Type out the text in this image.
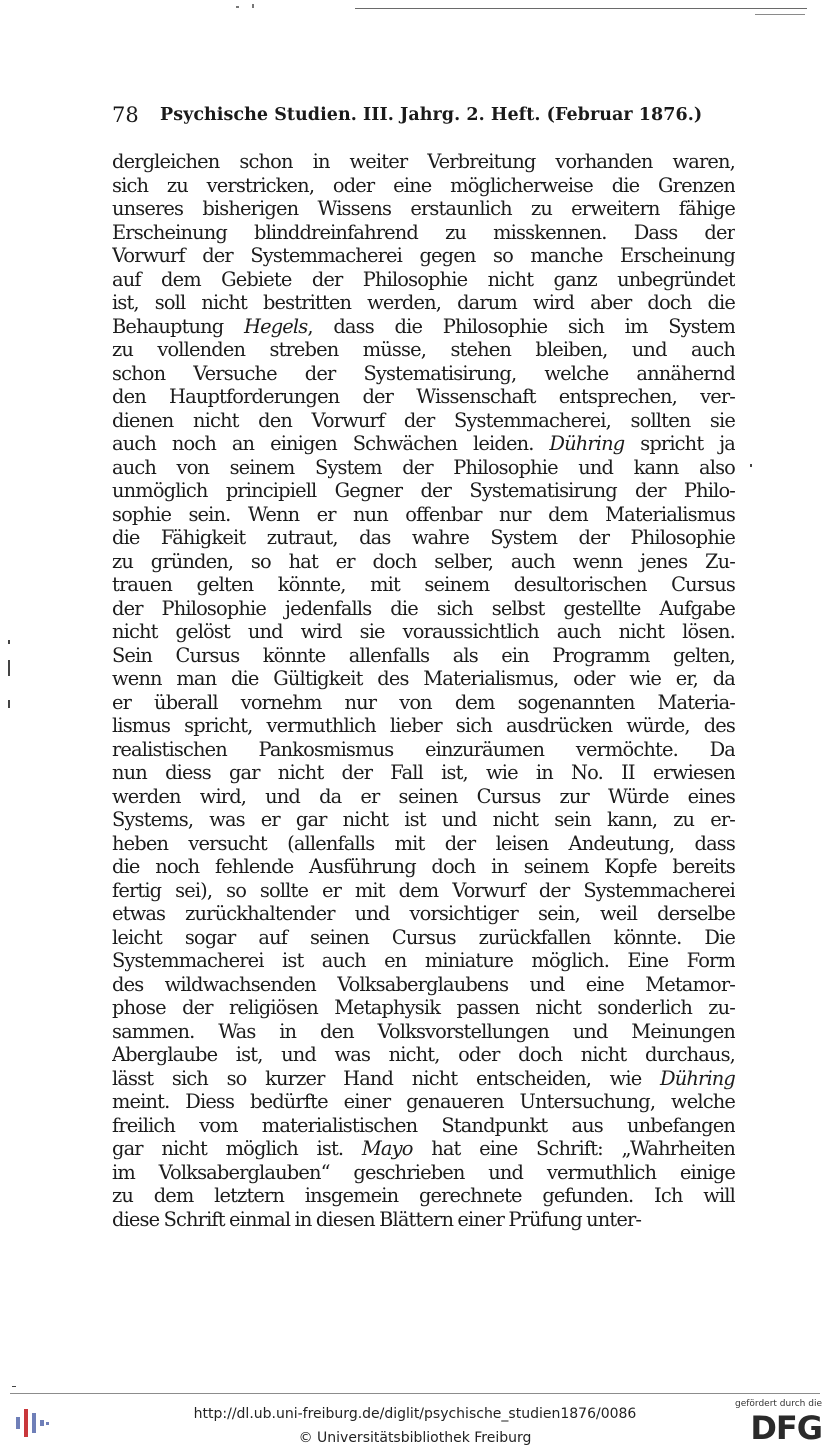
78 Psychische Studien. III. Jahrg. 2. Heft. (Februar 1876.)
dergleichen schon in weiter Verbreitung vorhanden waren,
sich zu verstricken, oder eine möglicherweise die Grenzen
unseres bisherigen Wissens erstaunlich zu erweitern fähige
Erscheinung blinddreinfahrend zu misskennen. Dass der
Vorwurf der Systemmacherei gegen so manche Erscheinung
auf dem Gebiete der Philosophie nicht ganz unbegründet
ist, soll nicht bestritten werden, darum wird aber doch die
Behauptung Hegels, dass die Philosophie sich im System
zu vollenden streben müsse, stehen bleiben, und auch
schon Versuche der Systematisirung, welche annähernd
den Hauptforderungen der Wissenschaft entsprechen, ver-
dienen nicht den Vorwurf der Systemmacherei, sollten sie
auch noch an einigen Schwächen leiden. Dühring spricht ja
auch von seinem System der Philosophie und kann also
unmöglich principiell Gegner der Systematisirung der Philo-
sophie sein. Wenn er nun offenbar nur dem Materialismus
die Fähigkeit zutraut, das wahre System der Philosophie
zu gründen, so hat er doch selber, auch wenn jenes Zu-
trauen gelten könnte, mit seinem desultorischen Cursus
der Philosophie jedenfalls die sich selbst gestellte Aufgabe
nicht gelöst und wird sie voraussichtlich auch nicht lösen.
Sein Cursus könnte allenfalls als ein Programm gelten,
wenn man die Gültigkeit des Materialismus, oder wie er, da
er überall vornehm nur von dem sogenannten Materia-
lismus spricht, vermuthlich lieber sich ausdrücken würde, des
realistischen Pankosmismus einzuräumen vermöchte. Da
nun diess gar nicht der Fall ist, wie in No. II erwiesen
werden wird, und da er seinen Cursus zur Würde eines
Systems, was er gar nicht ist und nicht sein kann, zu er-
heben versucht (allenfalls mit der leisen Andeutung, dass
die noch fehlende Ausführung doch in seinem Kopfe bereits
fertig sei), so sollte er mit dem Vorwurf der Systemmacherei
etwas zurückhaltender und vorsichtiger sein, weil derselbe
leicht sogar auf seinen Cursus zurückfallen könnte. Die
Systemmacherei ist auch en miniature möglich. Eine Form
des wildwachsenden Volksaberglaubens und eine Metamor-
phose der religiösen Metaphysik passen nicht sonderlich zu-
sammen. Was in den Volksvorstellungen und Meinungen
Aberglaube ist, und was nicht, oder doch nicht durchaus,
lässt sich so kurzer Hand nicht entscheiden, wie Dühring
meint. Diess bedürfte einer genaueren Untersuchung, welche
freilich vom materialistischen Standpunkt aus unbefangen
gar nicht möglich ist. Mayo hat eine Schrift: „Wahrheiten
im Volksaberglauben“ geschrieben und vermuthlich einige
zu dem letztern insgemein gerechnete gefunden. Ich will
diese Schrift einmal in diesen Blättern einer Prüfung unter-
http://dl.ub.uni-freiburg.de/diglit/psychische_studien1876/0086
© Universitätsbibliothek Freiburg
gefördert durch die
DFG
